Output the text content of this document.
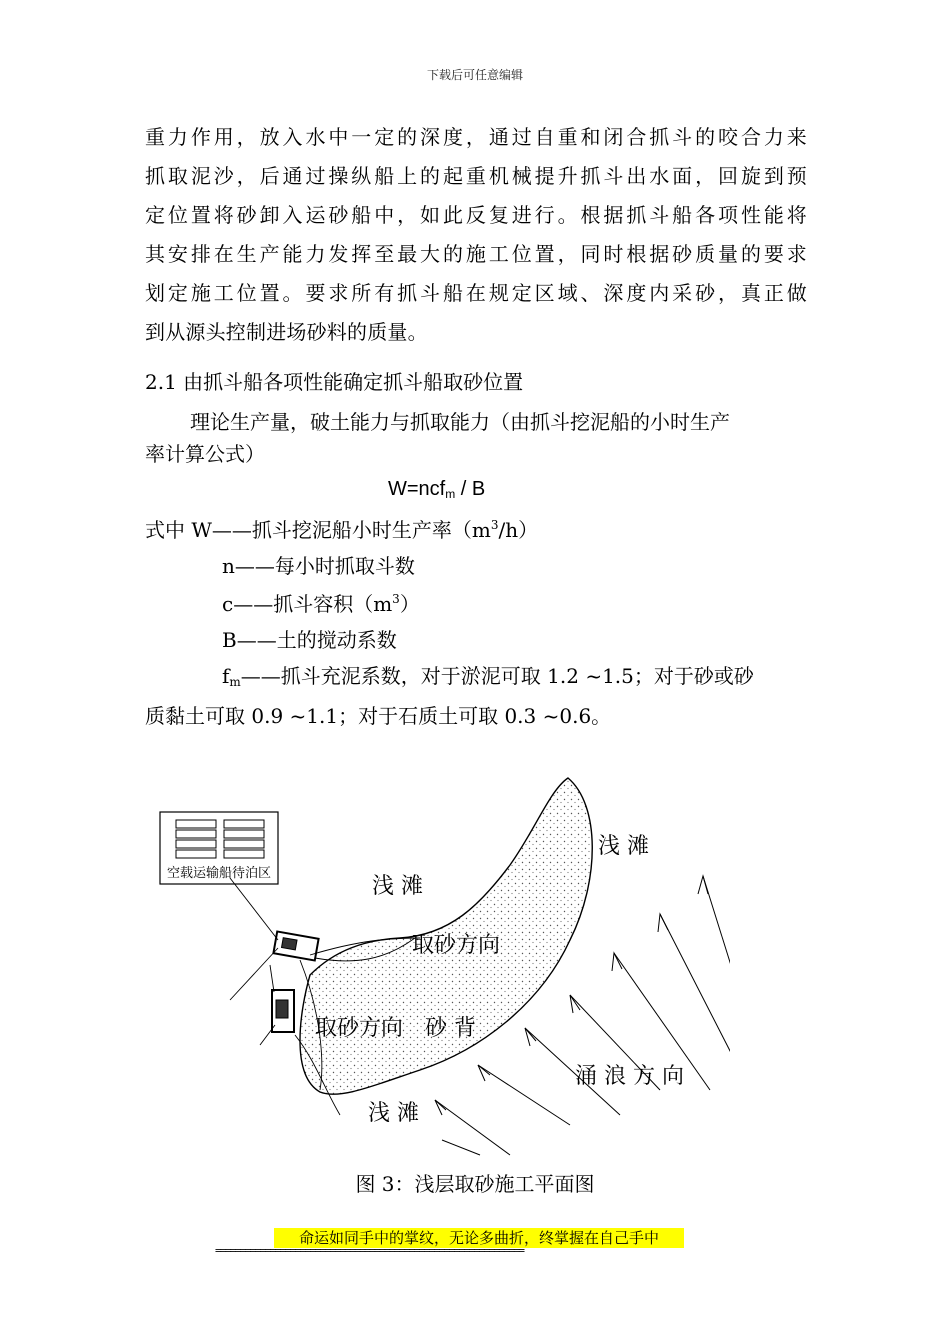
下载后可任意编辑
重力作用，放入水中一定的深度，通过自重和闭合抓斗的咬合力来
抓取泥沙，后通过操纵船上的起重机械提升抓斗出水面，回旋到预
定位置将砂卸入运砂船中，如此反复进行。根据抓斗船各项性能将
其安排在生产能力发挥至最大的施工位置，同时根据砂质量的要求
划定施工位置。要求所有抓斗船在规定区域、深度内采砂，真正做
到从源头控制进场砂料的质量。
2.1 由抓斗船各项性能确定抓斗船取砂位置
理论生产量，破土能力与抓取能力（由抓斗挖泥船的小时生产
率计算公式）
W=ncf$_m$ / B
式中 W——抓斗挖泥船小时生产率$(m^3/h)$
n——每小时抓取斗数
c——抓斗容积$(m^3)$
B——土的搅动系数
$f_m——$抓斗充泥系数，对于淤泥可取 1.2 ~1.5；对于砂或砂
质黏土可取 0.9 ~1.1；对于石质土可取 0.3 ~0.6。
空载运输船待泊区
浅 滩
浅 滩
取砂方向
取砂方向 砂 背
涌 浪 方 向
浅 滩
图 3：浅层取砂施工平面图
命运如同手中的掌纹，无论多曲折，终掌握在自己手中
==============================================================
